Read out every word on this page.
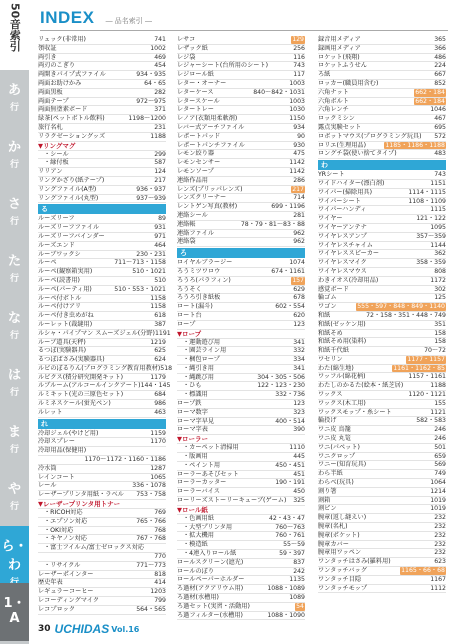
50音索引
あ
行
か
行
さ
行
た
行
な
行
は
行
ま
行
や
行
ら・わ
1・A
INDEX ― 品名索引 ―
リュック(非常用)	741
領収証	1002
両引き	469
両刃のこぎり	454
両開きパイプ式ファイル	934・935
両面お助けかみ	64・65
両面黒板	282
両面テープ	972〜975
両面無塗素ボード	371
緑茶(ペットボトル飲料)	1198〜1200
旅行名札	231
リラクゼーショングッズ	1188
▼リングマグ
・シール	299
・縁付板	587
リリアン	124
リングかざり(紙テープ)	217
リングファイル(A型)	936・937
リングファイル(丸型)	937〜939
る
ルーズリーフ	89
ルーズリーフファイル	931
ルーズリーフバインダー	971
ルーズエンド	464
ルーブワックシ	230・231
ルーペ	711〜713・1158
ルーペ(観察箱実用)	510・1021
ルーペ(読書用)	510
ルーペ(パーティ用)	510・553・1021
ルーペ付ボトル	1158
ルーペ付けアリ	1158
ルーペ付き虫めがね	618
ルーレット(裁縫用)	387
ルシャ・パイプマン スムーズジェル(分野) 1191
ルーブ道具(天秤)	1219
るつぼ(実験器具)	625
るつぼばさみ(実験器具)	624
ルビのぼるりん(プログラミング教育用教材) 518
ルビクス(積分研究開発キット)	1179
ルブルーム(アルコールインクアート) 144・145
ルミキット(光の三原色セット)	684
ルミネスケール(蛍光ペン)	986
ルレット	463
れ
冷却ジェル(やけど用)	1159
冷却スプレー	1170
冷却用品(保健用)
1170〜1172・1160・1186
冷水筒	1287
レインコート	1065
レール	336・1078
レーザープリンタ用紙・ラベル 753・758
▼レーザープリンタ用トナー
・RICOH対応	769
・エプソン対応	765・766
・OKI対応	768
・キヤノン対応	767・768
・富士フイルム/富士ゼロックス対応
770
・リサイクル	771〜773
レーザーポインター	818
歴史年表	414
レギュラーコーヒー	1203
レコーディングマイク	799
レコプロック	564・565
レサコ	129
レザック紙	256
レジ袋	116
レジャーシート(台所用のシート)	743
レジロール紙	117
レター・オーナー	1003
レターケース	840〜842・1031
レタースケール	1003
レタートレー	1030
レノア(衣類用柔軟剤)	1150
レバー式アーチファイル	934
レポートパッド	90
レポートパンチファイル	930
レモン絞り器	475
レモンセンサー	1142
レモンソープ	1142
連絡作品用	286
レンズ(プリッパレンズ)	217
レンズクリーナー	714
レントゲン写真(教材)	699・1196
連絡シール	281
連絡帳	78・79・81〜83・88
連絡ファイル	962
連絡袋	962
ろ
ロイヤルブラージー	1074
ろうミツワロウ	674・1161
ろうろ(パラフィン)	157
ろうそく	629
ろうろ引き紙板	678
ロート(漏斗)	602・554
ロート台	620
ロープ	123
▼ロープ
・運動遊び用	341
・園芸ライン用	332
・梱包ロープ	334
・縄引き用	341
・縄跳び用	304・305・506
・ひも	122・123・230
・標識用	332・736
ロープ鉄	123
ローマ数字	323
ローマ字早見	400・514
ローマ字表	390
▼ローラー
・カーペット清掃用	1110
・版画用	445
・ペイント用	450・451
ローラーあそびセット	451
ローラーカッター	190・191
ローラーバイス	450
ローリーズストーリーキューブ(ゲーム) 325
▼ロール紙
・色画用紙	42・43・47
・大型プリンタ用	760〜763
・拡大機用	760・761
・模造紙	55〜59
・4連入りロール紙	59・397
ロールスクリーン(遮光)	837
ロールのぼり	242
ロールペーパーホルダー	1135
ろ過材(アクアリウム用)	1088・1089
ろ過材(水槽用)	1089
ろ過セット(実習・活動用)	54
ろ過フィルター(水槽用)	1088・1090
録音用メディア	365
録画用メディア	366
ロケット(飛翔)	486
ロケットふうせん	224
ろ紙	667
ロッカー(職員用含む)	852
六角ナット	662・184
六角ボルト	662・184
六角レンチ	1046
ロックミシン	467
露点実験セット	695
ロボットマウス(プログラミング玩具) 572
ロリエ(生理用品)	1185・1186・1188
ロングチ袋(使い捨てタイプ)	483
わ
YRシート	743
ワイドハイター(漂白剤)	1151
ワイパー(掃除用具)	1114・1115
ワイパーシート	1108・1109
ワイパーハンディ	1115
ワイヤー	121・122
ワイヤーアンテナ	1095
ワイヤレスアンプ	357〜359
ワイヤレスチャイム	1144
ワイヤレススピーカー	362
ワイヤレスマイク	358・359
ワイヤレスマウス	808
わきイオス(冷却用品)	1172
感覚ボード	302
輪ゴム	125
ワゴン	555・597・848・849・1140
和紙	72・158・351・448・749
和紙(ゼッケン用)	351
和紙そめ	158
和紙そめ用(染料)	158
和紙千代紙	70〜72
ワセリン	1177・1157
わた(綿生地)	1161・1162・85
ワッフル(綿花柄)	1157・1161
わたしのかるた(絵本・紙芝居)	1188
ワックス	1120・1121
ワックス(木工用)	155
ワックスモップ・糸シート	1121
輪投げ	582・583
ワニ皮 鳥籠	246
ワニ皮 丸篭	246
ワニ(パペット)	501
ワニクロップ	659
ワニー(知育玩具)	569
わら半紙	749
わらべ(玩具)	1064
割り箸	1214
割箱	1019
割ピン	1019
腕章(返し縫えい)	232
腕章(名札)	232
腕章(ポケット)	232
腕章カバー	232
腕章用ワッペン	232
ワンタッチはさみ(羅料用)	623
ワンタッチバッグ	1165・66・68
ワンタッチ目隠	1167
ワンタッチモップ	1112
30 UCHIDAS Vol.16
